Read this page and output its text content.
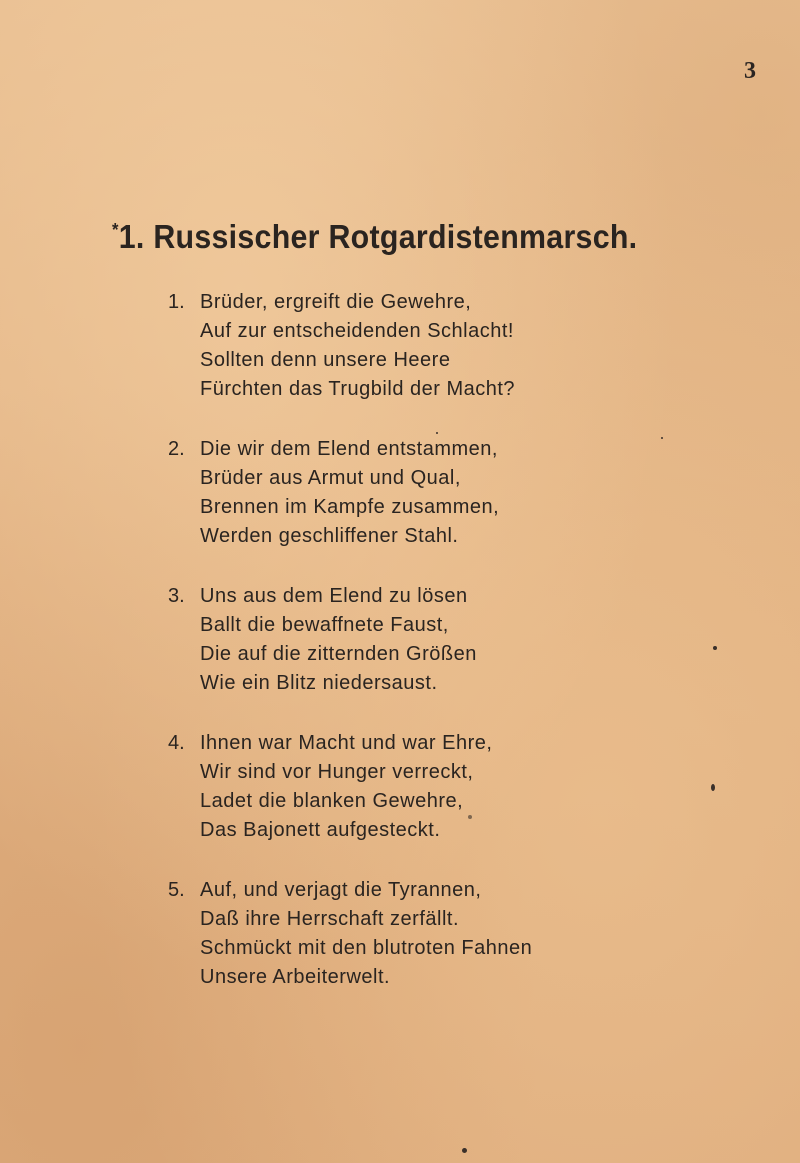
3
*1. Russischer Rotgardistenmarsch.
1. Brüder, ergreift die Gewehre,
Auf zur entscheidenden Schlacht!
Sollten denn unsere Heere
Fürchten das Trugbild der Macht?
2. Die wir dem Elend entstammen,
Brüder aus Armut und Qual,
Brennen im Kampfe zusammen,
Werden geschliffener Stahl.
3. Uns aus dem Elend zu lösen
Ballt die bewaffnete Faust,
Die auf die zitternden Größen
Wie ein Blitz niedersaust.
4. Ihnen war Macht und war Ehre,
Wir sind vor Hunger verreckt,
Ladet die blanken Gewehre,
Das Bajonett aufgesteckt.
5. Auf, und verjagt die Tyrannen,
Daß ihre Herrschaft zerfällt.
Schmückt mit den blutroten Fahnen
Unsere Arbeiterwelt.
